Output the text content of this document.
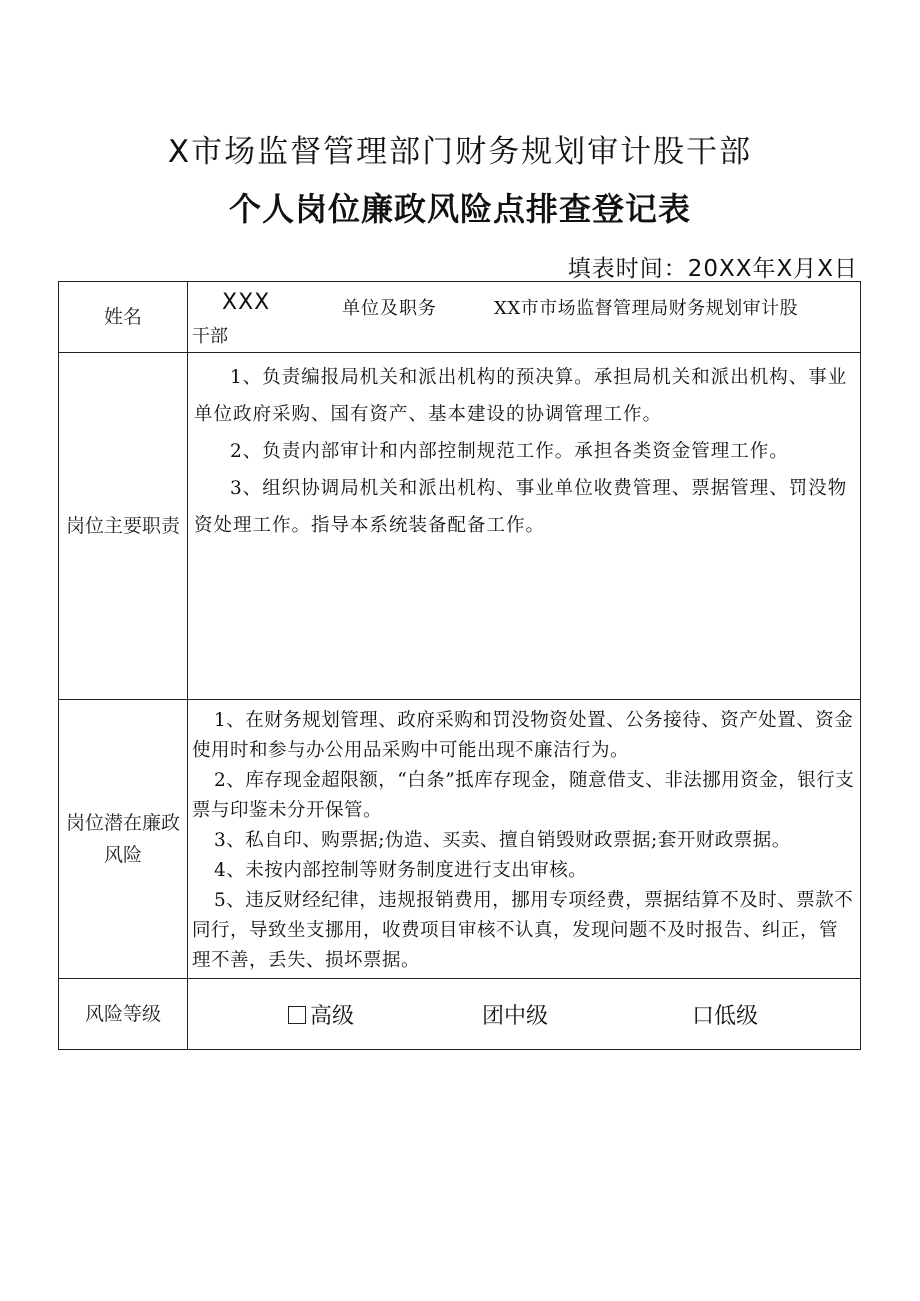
X市场监督管理部门财务规划审计股干部
个人岗位廉政风险点排查登记表
填表时间：20XX年X月X日
姓名	XXX 单位及职务 XX市市场监督管理局财务规划审计股
干部

岗位主要职责	1、负责编报局机关和派出机构的预决算。承担局机关和派出机构、事业单位政府采购、国有资产、基本建设的协调管理工作。

2、负责内部审计和内部控制规范工作。承担各类资金管理工作。

3、组织协调局机关和派出机构、事业单位收费管理、票据管理、罚没物资处理工作。指导本系统装备配备工作。

岗位潜在廉政风险	1、在财务规划管理、政府采购和罚没物资处置、公务接待、资产处置、资金使用时和参与办公用品采购中可能出现不廉洁行为。

2、库存现金超限额，“白条”抵库存现金，随意借支、非法挪用资金，银行支票与印鉴未分开保管。

3、私自印、购票据;伪造、买卖、擅自销毁财政票据;套开财政票据。

4、未按内部控制等财务制度进行支出审核。

5、违反财经纪律，违规报销费用，挪用专项经费，票据结算不及时、票款不同行，导致坐支挪用，收费项目审核不认真，发现问题不及时报告、纠正，管理不善，丢失、损坏票据。

风险等级	高级 团中级 口低级
